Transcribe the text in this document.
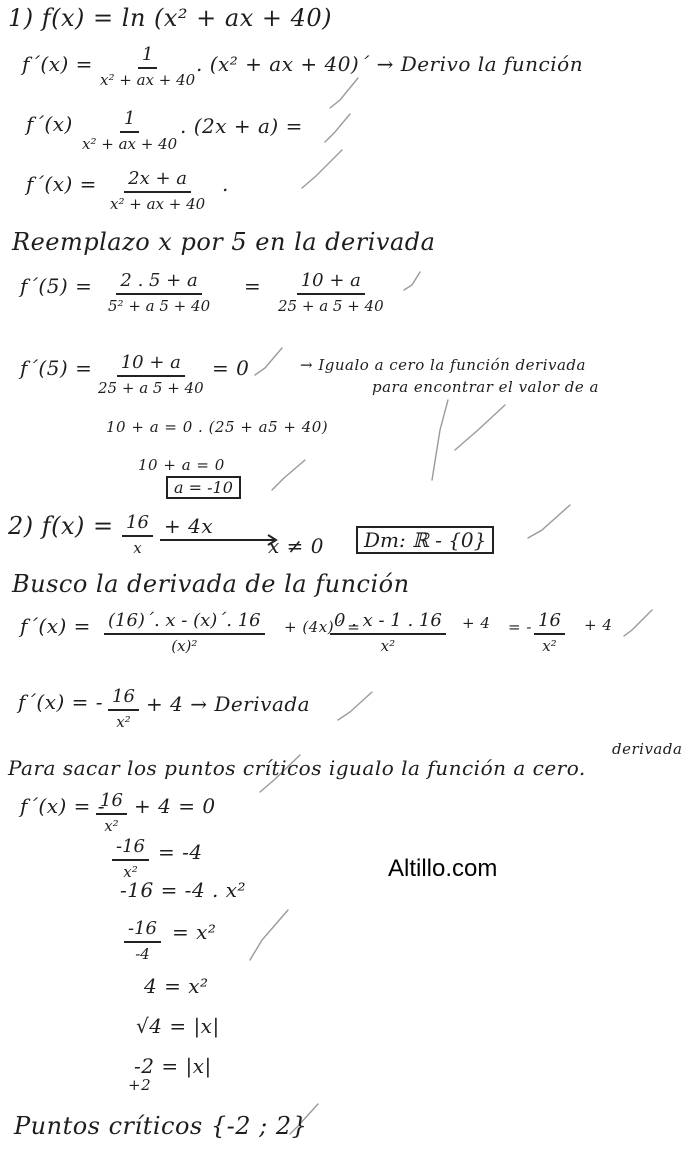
1) f(x) = ln (x² + ax + 40)
f´(x) =	1
x² + ax + 40
. (x² + ax + 40)´ → Derivo la función
f´(x)	1
x² + ax + 40
. (2x + a) =
f´(x) = 2x + a
x² + ax + 40
.
Reemplazo x por 5 en la derivada
f´(5) = 2 . 5 + a
5² + a 5 + 40
= 10 + a
25 + a 5 + 40
f´(5) = 10 + a
25 + a 5 + 40
= 0	→ Igualo a cero la función derivada
para encontrar el valor de a
10 + a = 0 . (25 + a5 + 40)
10 + a = 0
a = -10
2) f(x) = 16
x
+ 4x
x ≠ 0	Dm: ℝ - {0}
Busco la derivada de la función
f´(x) = (16)´. x - (x)´. 16
(x)²
+ (4x)´ =
0 . x - 1 . 16
x²
+ 4 = - 16
x²
+ 4
f´(x) = - 16
x²
+ 4 → Derivada
derivada
Para sacar los puntos críticos igualo la función a cero.
f´(x) = -
16
x²
+ 4 = 0
-16
x²
= -4
-16 = -4 . x²
-16
-4
= x²
4 = x²
√4 = |x|
-2 = |x|
+2
Puntos críticos {-2 ; 2}
Altillo.com
